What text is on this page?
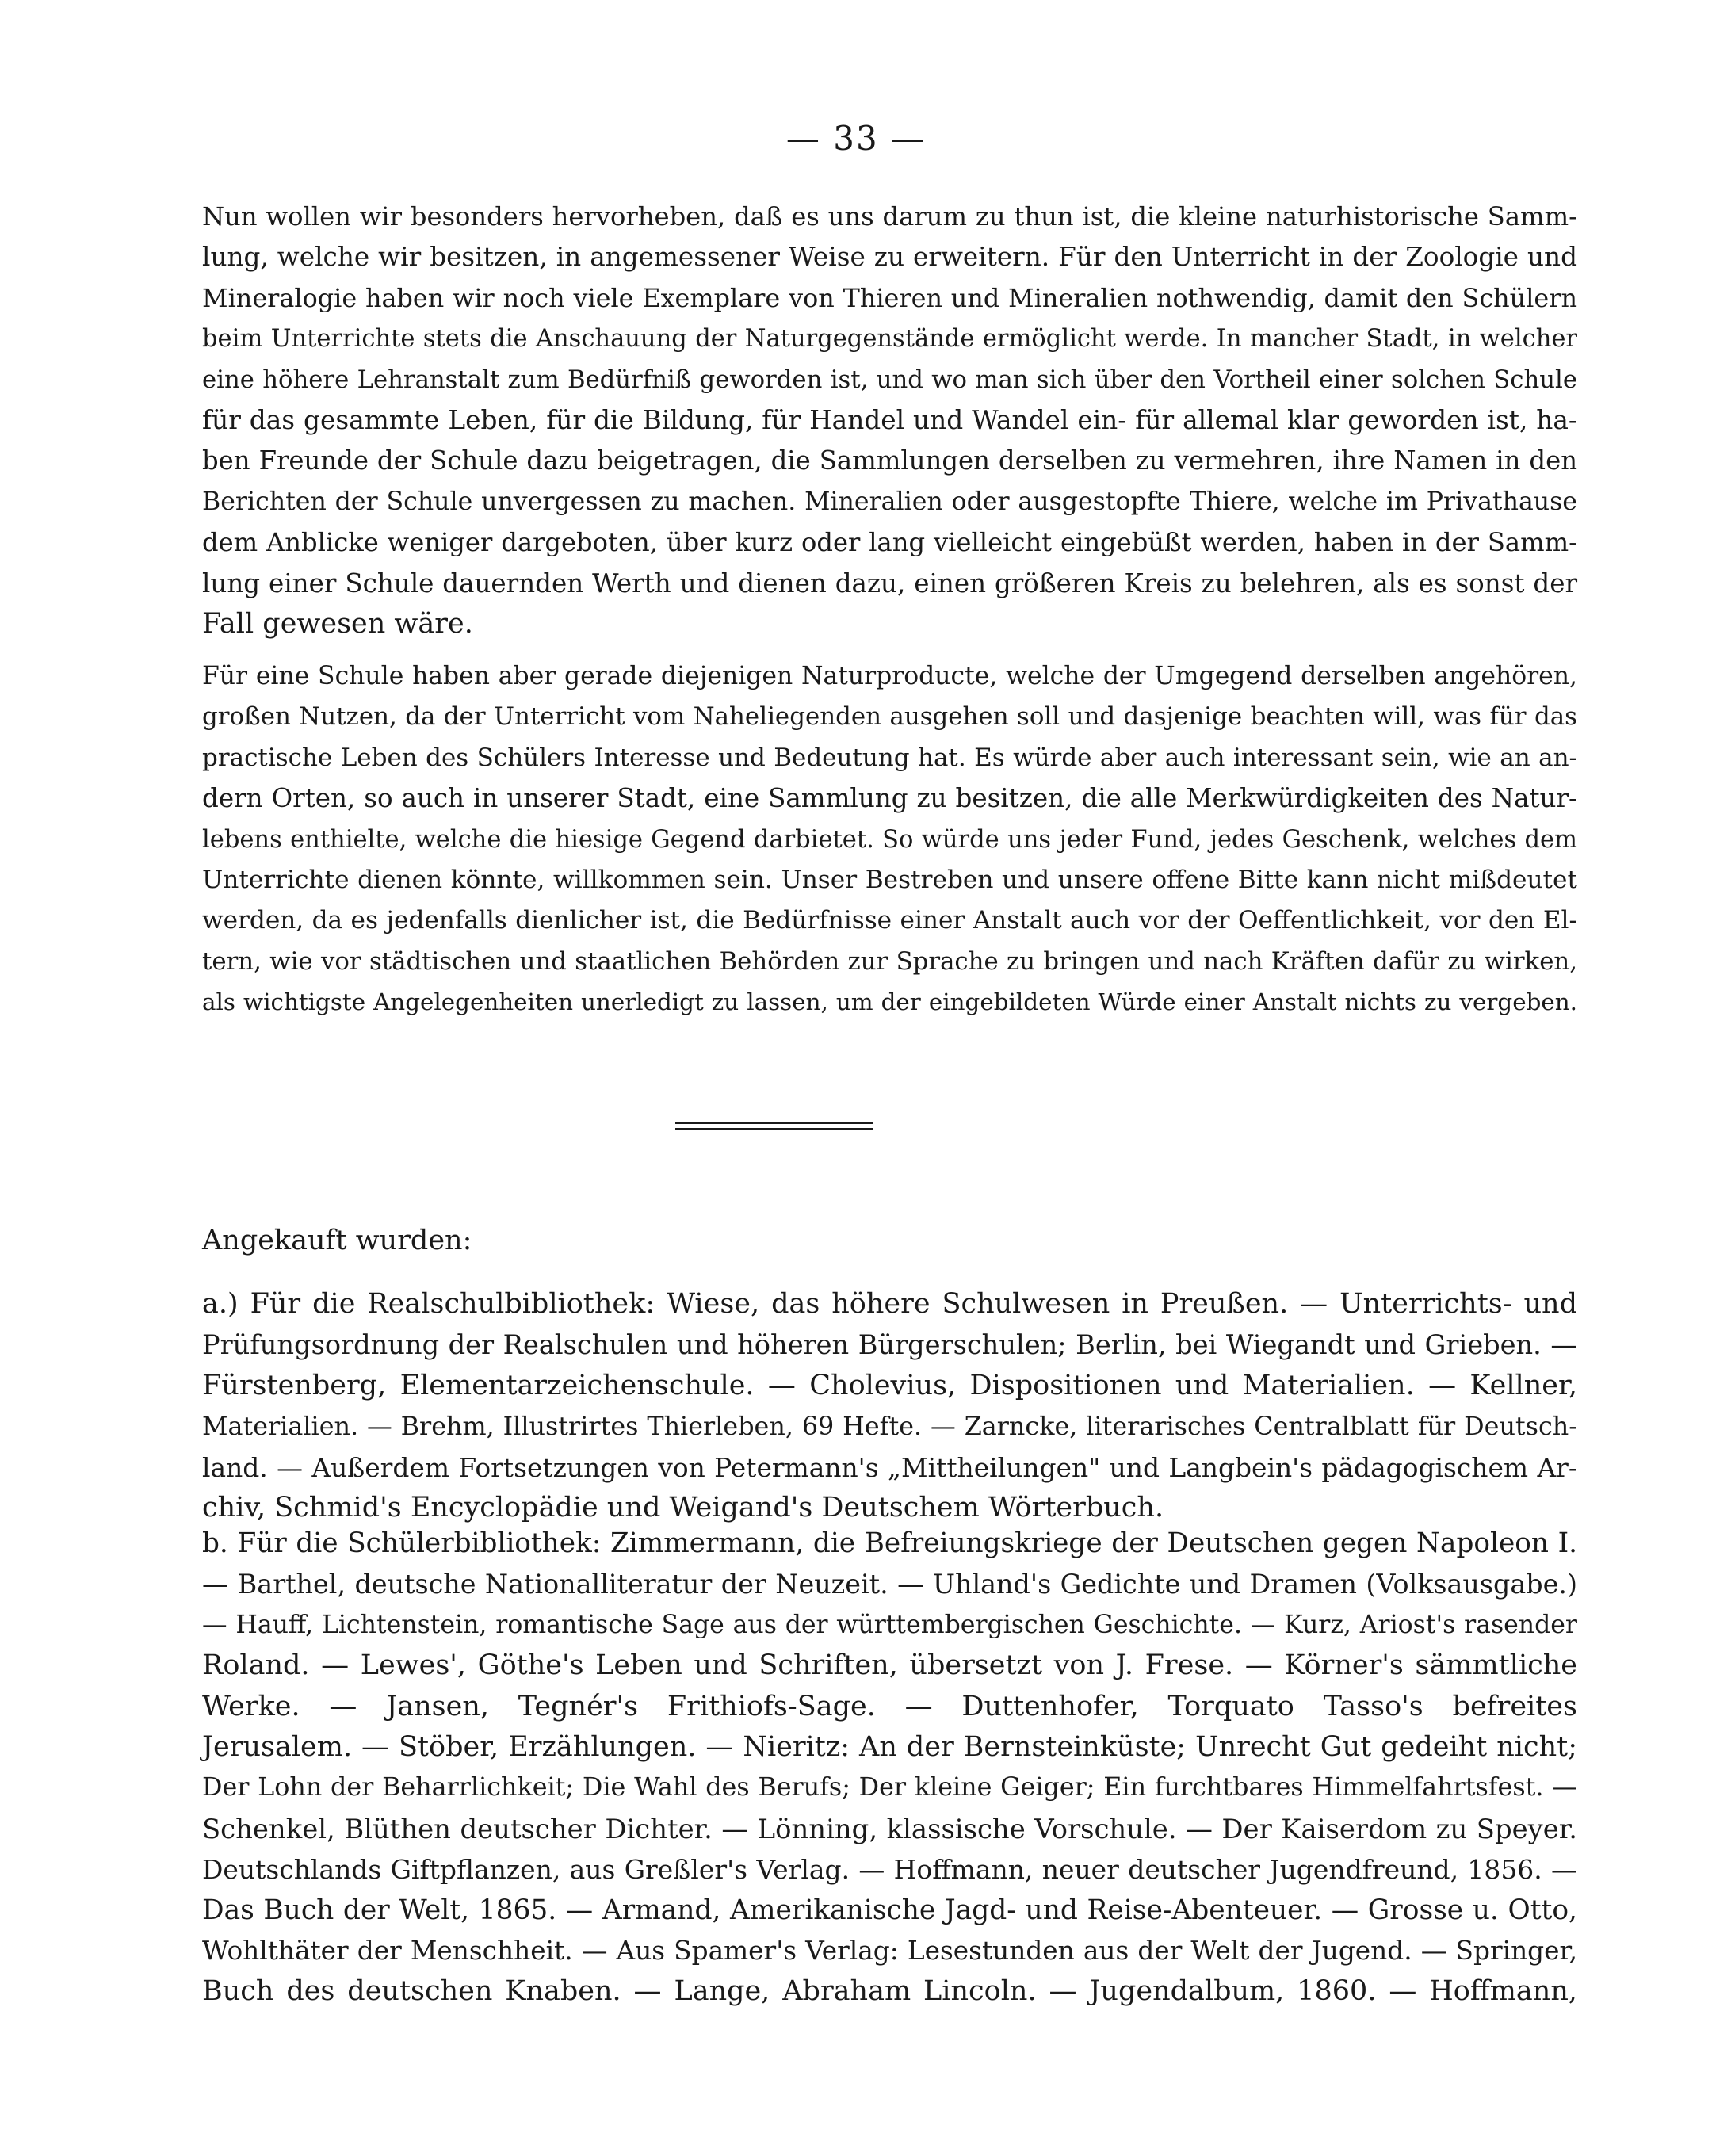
— 33 —
Nun wollen wir besonders hervorheben, daß es uns darum zu thun ist, die kleine naturhistorische Samm-
lung, welche wir besitzen, in angemessener Weise zu erweitern. Für den Unterricht in der Zoologie und
Mineralogie haben wir noch viele Exemplare von Thieren und Mineralien nothwendig, damit den Schülern
beim Unterrichte stets die Anschauung der Naturgegenstände ermöglicht werde. In mancher Stadt, in welcher
eine höhere Lehranstalt zum Bedürfniß geworden ist, und wo man sich über den Vortheil einer solchen Schule
für das gesammte Leben, für die Bildung, für Handel und Wandel ein- für allemal klar geworden ist, ha-
ben Freunde der Schule dazu beigetragen, die Sammlungen derselben zu vermehren, ihre Namen in den
Berichten der Schule unvergessen zu machen. Mineralien oder ausgestopfte Thiere, welche im Privathause
dem Anblicke weniger dargeboten, über kurz oder lang vielleicht eingebüßt werden, haben in der Samm-
lung einer Schule dauernden Werth und dienen dazu, einen größeren Kreis zu belehren, als es sonst der
Fall gewesen wäre.
Für eine Schule haben aber gerade diejenigen Naturproducte, welche der Umgegend derselben angehören,
großen Nutzen, da der Unterricht vom Naheliegenden ausgehen soll und dasjenige beachten will, was für das
practische Leben des Schülers Interesse und Bedeutung hat. Es würde aber auch interessant sein, wie an an-
dern Orten, so auch in unserer Stadt, eine Sammlung zu besitzen, die alle Merkwürdigkeiten des Natur-
lebens enthielte, welche die hiesige Gegend darbietet. So würde uns jeder Fund, jedes Geschenk, welches dem
Unterrichte dienen könnte, willkommen sein. Unser Bestreben und unsere offene Bitte kann nicht mißdeutet
werden, da es jedenfalls dienlicher ist, die Bedürfnisse einer Anstalt auch vor der Oeffentlichkeit, vor den El-
tern, wie vor städtischen und staatlichen Behörden zur Sprache zu bringen und nach Kräften dafür zu wirken,
als wichtigste Angelegenheiten unerledigt zu lassen, um der eingebildeten Würde einer Anstalt nichts zu vergeben.
Angekauft wurden:
a.) Für die Realschulbibliothek: Wiese, das höhere Schulwesen in Preußen. — Unterrichts- und
Prüfungsordnung der Realschulen und höheren Bürgerschulen; Berlin, bei Wiegandt und Grieben. —
Fürstenberg, Elementarzeichenschule. — Cholevius, Dispositionen und Materialien. — Kellner,
Materialien. — Brehm, Illustrirtes Thierleben, 69 Hefte. — Zarncke, literarisches Centralblatt für Deutsch-
land. — Außerdem Fortsetzungen von Petermann's „Mittheilungen" und Langbein's pädagogischem Ar-
chiv, Schmid's Encyclopädie und Weigand's Deutschem Wörterbuch.
b. Für die Schülerbibliothek: Zimmermann, die Befreiungskriege der Deutschen gegen Napoleon I.
— Barthel, deutsche Nationalliteratur der Neuzeit. — Uhland's Gedichte und Dramen (Volksausgabe.)
— Hauff, Lichtenstein, romantische Sage aus der württembergischen Geschichte. — Kurz, Ariost's rasender
Roland. — Lewes', Göthe's Leben und Schriften, übersetzt von J. Frese. — Körner's sämmtliche
Werke. — Jansen, Tegnér's Frithiofs-Sage. — Duttenhofer, Torquato Tasso's befreites
Jerusalem. — Stöber, Erzählungen. — Nieritz: An der Bernsteinküste; Unrecht Gut gedeiht nicht;
Der Lohn der Beharrlichkeit; Die Wahl des Berufs; Der kleine Geiger; Ein furchtbares Himmelfahrtsfest. —
Schenkel, Blüthen deutscher Dichter. — Lönning, klassische Vorschule. — Der Kaiserdom zu Speyer.
Deutschlands Giftpflanzen, aus Greßler's Verlag. — Hoffmann, neuer deutscher Jugendfreund, 1856. —
Das Buch der Welt, 1865. — Armand, Amerikanische Jagd- und Reise-Abenteuer. — Grosse u. Otto,
Wohlthäter der Menschheit. — Aus Spamer's Verlag: Lesestunden aus der Welt der Jugend. — Springer,
Buch des deutschen Knaben. — Lange, Abraham Lincoln. — Jugendalbum, 1860. — Hoffmann,
